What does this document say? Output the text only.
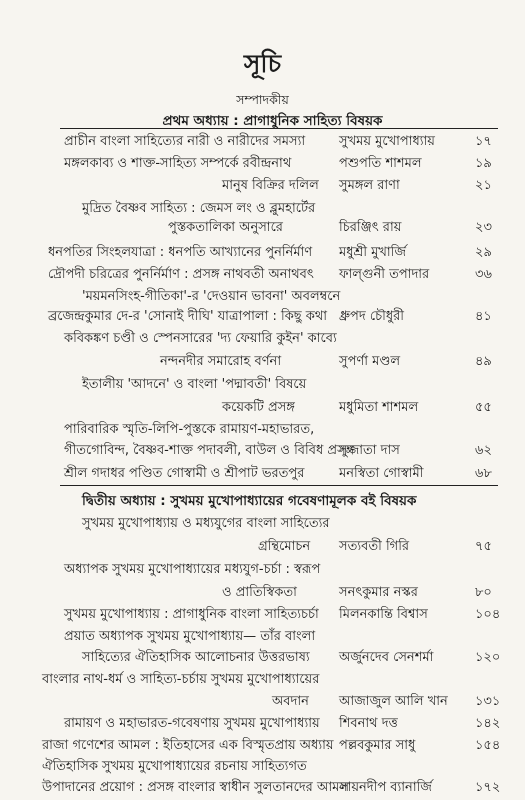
সূচি
সম্পাদকীয়
প্রথম অধ্যায় : প্রাগাধুনিক সাহিত্য বিষয়ক
প্রাচীন বাংলা সাহিত্যের নারী ও নারীদের সমস্যা	সুখময় মুখোপাধ্যায়	১৭
মঙ্গলকাব্য ও শাক্ত-সাহিত্য সম্পর্কে রবীন্দ্রনাথ	পশুপতি শাশমল	১৯
মানুষ বিক্রির দলিল সুমঙ্গল রাণা	২১
মুদ্রিত বৈষ্ণব সাহিত্য : জেমস লং ও ব্লুমহার্টের
পুস্তকতালিকা অনুসারে	চিরঞ্জিৎ রায়	২৩
ধনপতির সিংহলযাত্রা : ধনপতি আখ্যানের পুনর্নির্মাণ মধুশ্রী মুখার্জি	২৯
দ্রৌপদী চরিত্রের পুনর্নির্মাণ : প্রসঙ্গ নাথবতী অনাথবৎ ফাল্গুনী তপাদার	৩৬
'ময়মনসিংহ-গীতিকা'-র 'দেওয়ান ভাবনা' অবলম্বনে
ব্রজেন্দ্রকুমার দে-র 'সোনাই দীঘি' যাত্রাপালা : কিছু কথা ধ্রুপদ চৌধুরী	৪১
কবিকঙ্কণ চণ্ডী ও স্পেনসারের 'দ্য ফেয়ারি কুইন' কাব্যে
নন্দনদীর সমারোহ বর্ণনা	সুপর্ণা মণ্ডল	৪৯
ইতালীয় 'আদনে' ও বাংলা 'পদ্মাবতী' বিষয়ে
কয়েকটি প্রসঙ্গ	মধুমিতা শাশমল	৫৫
পারিবারিক স্মৃতি-লিপি-পুস্তকে রামায়ণ-মহাভারত,
গীতগোবিন্দ, বৈষ্ণব-শাক্ত পদাবলী, বাউল ও বিবিধ প্রসঙ্গ
সুজাতা দাস	৬২
শ্রীল গদাধর পণ্ডিত গোস্বামী ও শ্রীপাট ভরতপুর	মনস্বিতা গোস্বামী	৬৮
দ্বিতীয় অধ্যায় : সুখময় মুখোপাধ্যায়ের গবেষণামূলক বই বিষয়ক
সুখময় মুখোপাধ্যায় ও মধ্যযুগের বাংলা সাহিত্যের
গ্রন্থিমোচন সত্যবতী গিরি	৭৫
অধ্যাপক সুখময় মুখোপাধ্যায়ের মধ্যযুগ-চর্চা : স্বরূপ
ও প্রাতিস্বিকতা	সনৎকুমার নস্কর	৮০
সুখময় মুখোপাধ্যায় : প্রাগাধুনিক বাংলা সাহিত্যচর্চা মিলনকান্তি বিশ্বাস	১০৪
প্রয়াত অধ্যাপক সুখময় মুখোপাধ্যায়— তাঁর বাংলা
সাহিত্যের ঐতিহাসিক আলোচনার উত্তরভাষ্য অর্জুনদেব সেনশর্মা	১২০
বাংলার নাথ-ধর্ম ও সাহিত্য-চর্চায় সুখময় মুখোপাধ্যায়ের
অবদান আজাজুল আলি খান ১৩১
রামায়ণ ও মহাভারত-গবেষণায় সুখময় মুখোপাধ্যায় শিবনাথ দত্ত	১৪২
রাজা গণেশের আমল : ইতিহাসের এক বিস্মৃতপ্রায় অধ্যায় পল্লবকুমার সাধু	১৫৪
ঐতিহাসিক সুখময় মুখোপাধ্যায়ের রচনায় সাহিত্যগত
উপাদানের প্রয়োগ : প্রসঙ্গ বাংলার স্বাধীন সুলতানদের আমল
সায়নদীপ ব্যানার্জি	১৭২
